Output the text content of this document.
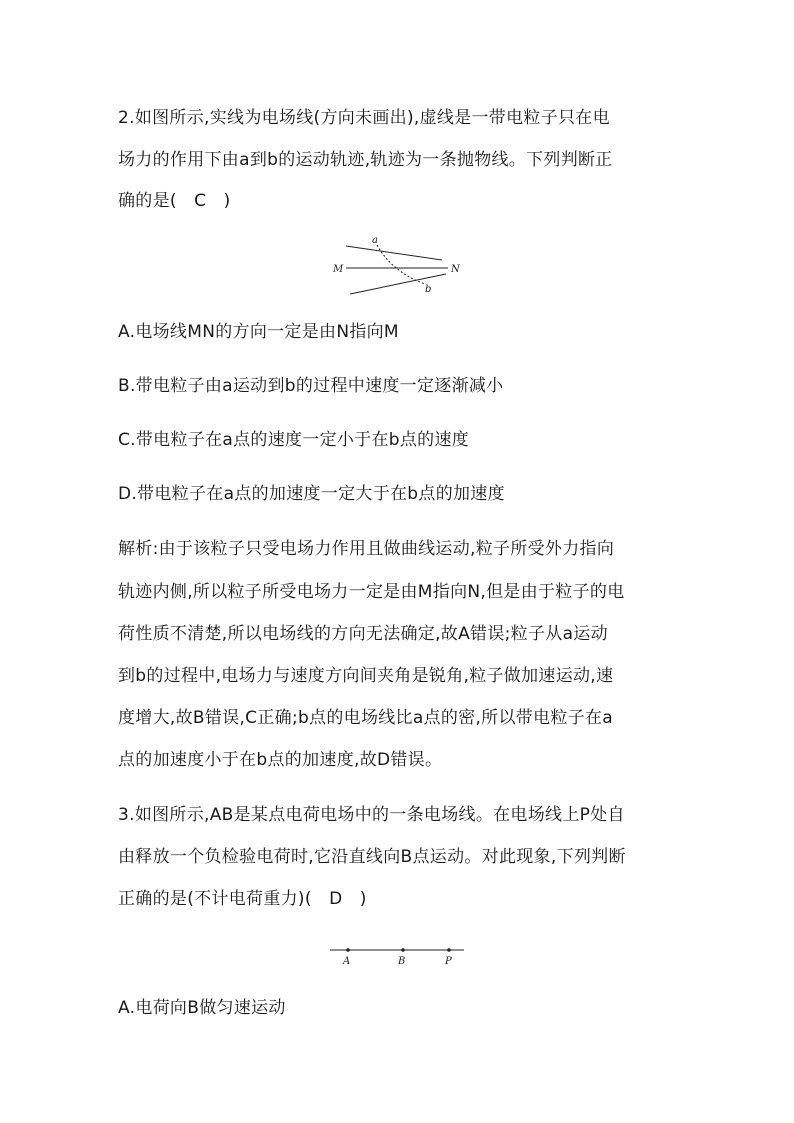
2.如图所示,实线为电场线(方向未画出),虚线是一带电粒子只在电
场力的作用下由a到b的运动轨迹,轨迹为一条抛物线。下列判断正
确的是(　C　)
a
b
M	N
A.电场线MN的方向一定是由N指向M
B.带电粒子由a运动到b的过程中速度一定逐渐减小
C.带电粒子在a点的速度一定小于在b点的速度
D.带电粒子在a点的加速度一定大于在b点的加速度
解析:由于该粒子只受电场力作用且做曲线运动,粒子所受外力指向
轨迹内侧,所以粒子所受电场力一定是由M指向N,但是由于粒子的电
荷性质不清楚,所以电场线的方向无法确定,故A错误;粒子从a运动
到b的过程中,电场力与速度方向间夹角是锐角,粒子做加速运动,速
度增大,故B错误,C正确;b点的电场线比a点的密,所以带电粒子在a
点的加速度小于在b点的加速度,故D错误。
3.如图所示,AB是某点电荷电场中的一条电场线。在电场线上P处自
由释放一个负检验电荷时,它沿直线向B点运动。对此现象,下列判断
正确的是(不计电荷重力)(　D　)
A	B	P
A.电荷向B做匀速运动
